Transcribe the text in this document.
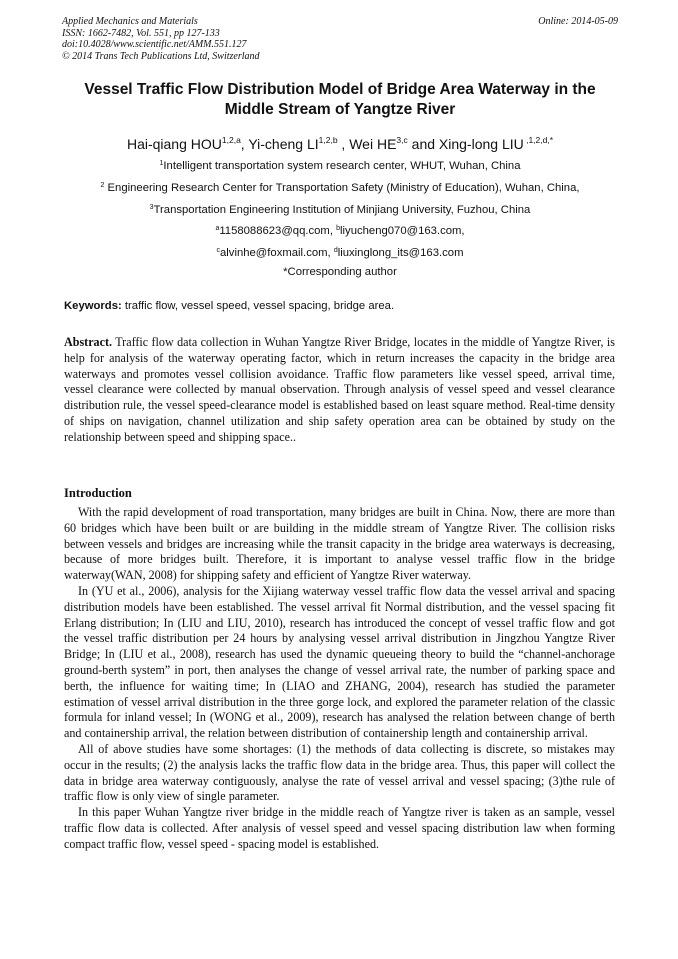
Applied Mechanics and Materials
ISSN: 1662-7482, Vol. 551, pp 127-133
doi:10.4028/www.scientific.net/AMM.551.127
© 2014 Trans Tech Publications Ltd, Switzerland
Online: 2014-05-09
Vessel Traffic Flow Distribution Model of Bridge Area Waterway in the
Middle Stream of Yangtze River
Hai-qiang HOU$^{1,2,a}$, Yi-cheng LI$^{1,2,b}$ , Wei HE$^{3,c}$ and Xing-long LIU $^{,1,2,d,*}$
$^1$Intelligent transportation system research center, WHUT, Wuhan, China
$^2$ Engineering Research Center for Transportation Safety (Ministry of Education), Wuhan, China,
$^3$Transportation Engineering Institution of Minjiang University, Fuzhou, China
$^a$1158088623@qq.com, $^b$liyucheng070@163.com,
$^c$alvinhe@foxmail.com, $^d$liuxinglong_its@163.com
*Corresponding author
Keywords: traffic flow, vessel speed, vessel spacing, bridge area.
Abstract. Traffic flow data collection in Wuhan Yangtze River Bridge, locates in the middle of Yangtze River, is help for analysis of the waterway operating factor, which in return increases the capacity in the bridge area waterways and promotes vessel collision avoidance. Traffic flow parameters like vessel speed, arrival time, vessel clearance were collected by manual observation. Through analysis of vessel speed and vessel clearance distribution rule, the vessel speed-clearance model is established based on least square method. Real-time density of ships on navigation, channel utilization and ship safety operation area can be obtained by study on the relationship between speed and shipping space..
Introduction

With the rapid development of road transportation, many bridges are built in China. Now, there are more than 60 bridges which have been built or are building in the middle stream of Yangtze River. The collision risks between vessels and bridges are increasing while the transit capacity in the bridge area waterways is decreasing, because of more bridges built. Therefore, it is important to analyse vessel traffic flow in the bridge waterway(WAN, 2008) for shipping safety and efficient of Yangtze River waterway.

In (YU et al., 2006), analysis for the Xijiang waterway vessel traffic flow data the vessel arrival and spacing distribution models have been established. The vessel arrival fit Normal distribution, and the vessel spacing fit Erlang distribution; In (LIU and LIU, 2010), research has introduced the concept of vessel traffic flow and got the vessel traffic distribution per 24 hours by analysing vessel arrival distribution in Jingzhou Yangtze River Bridge; In (LIU et al., 2008), research has used the dynamic queueing theory to build the “channel-anchorage ground-berth system” in port, then analyses the change of vessel arrival rate, the number of parking space and berth, the influence for waiting time; In (LIAO and ZHANG, 2004), research has studied the parameter estimation of vessel arrival distribution in the three gorge lock, and explored the parameter relation of the classic formula for inland vessel; In (WONG et al., 2009), research has analysed the relation between change of berth and containership arrival, the relation between distribution of containership length and containership arrival.

All of above studies have some shortages: (1) the methods of data collecting is discrete, so mistakes may occur in the results; (2) the analysis lacks the traffic flow data in the bridge area. Thus, this paper will collect the data in bridge area waterway contiguously, analyse the rate of vessel arrival and vessel spacing; (3)the rule of traffic flow is only view of single parameter.

In this paper Wuhan Yangtze river bridge in the middle reach of Yangtze river is taken as an sample, vessel traffic flow data is collected. After analysis of vessel speed and vessel spacing distribution law when forming compact traffic flow, vessel speed - spacing model is established.
